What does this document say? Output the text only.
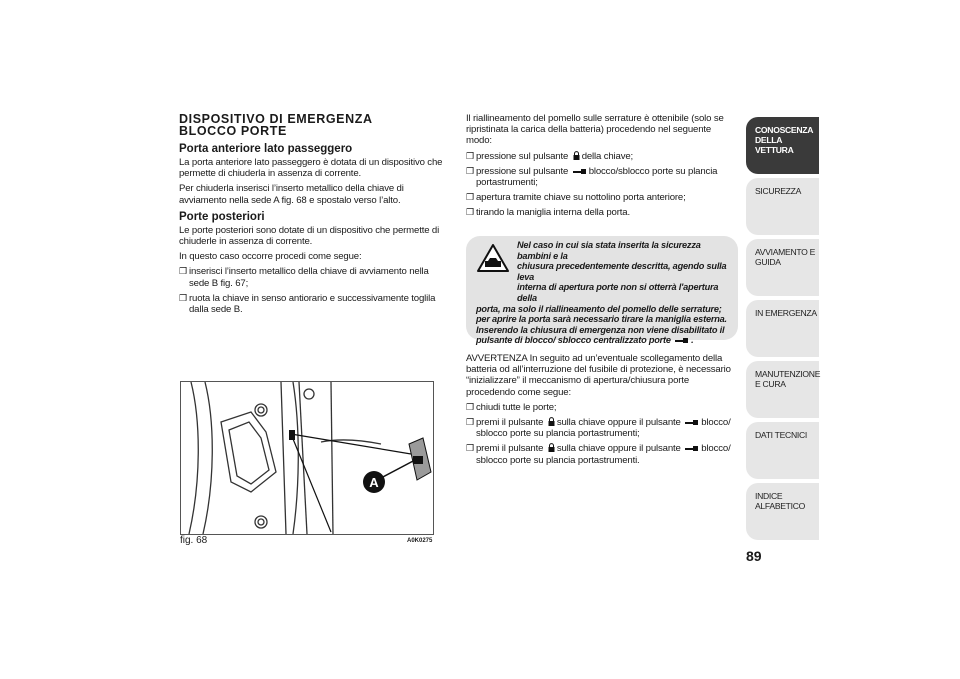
DISPOSITIVO DI EMERGENZA
BLOCCO PORTE
Porta anteriore lato passeggero

La porta anteriore lato passeggero è dotata di un dispositivo che permette di chiuderla in assenza di corrente.

Per chiuderla inserisci l’inserto metallico della chiave di avviamento nella sede A fig. 68 e spostalo verso l’alto.

Porte posteriori

Le porte posteriori sono dotate di un dispositivo che permette di chiuderle in assenza di corrente.

In questo caso occorre procedi come segue:

❒ inserisci l’inserto metallico della chiave di avviamento nella sede B fig. 67;

❒ ruota la chiave in senso antiorario e successivamente toglila dalla sede B.

Il riallineamento del pomello sulle serrature è ottenibile (solo se ripristinata la carica della batteria) procedendo nel seguente modo:

❒ pressione sul pulsante della chiave;

❒ pressione sul pulsante blocco/sblocco porte su plancia portastrumenti;

❒ apertura tramite chiave su nottolino porta anteriore;

❒ tirando la maniglia interna della porta.

Nel caso in cui sia stata inserita la sicurezza bambini e la
chiusura precedentemente descritta, agendo sulla leva
interna di apertura porte non si otterrà l'apertura della
porta, ma solo il riallineamento del pomello delle serrature; per aprire la porta sarà necessario tirare la maniglia esterna. Inserendo la chiusura di emergenza non viene disabilitato il pulsante di blocco/ sblocco centralizzato porte .

AVVERTENZA In seguito ad un’eventuale scollegamento della batteria od all’interruzione del fusibile di protezione, è necessario “inizializzare” il meccanismo di apertura/chiusura porte procedendo come segue:

❒ chiudi tutte le porte;

❒ premi il pulsante sulla chiave oppure il pulsante blocco/ sblocco porte su plancia portastrumenti;

❒ premi il pulsante sulla chiave oppure il pulsante blocco/ sblocco porte su plancia portastrumenti.

A
fig. 68	A0K0275
CONOSCENZA DELLA VETTURA
SICUREZZA
AVVIAMENTO E GUIDA
IN EMERGENZA
MANUTENZIONE E CURA
DATI TECNICI
INDICE ALFABETICO
89
